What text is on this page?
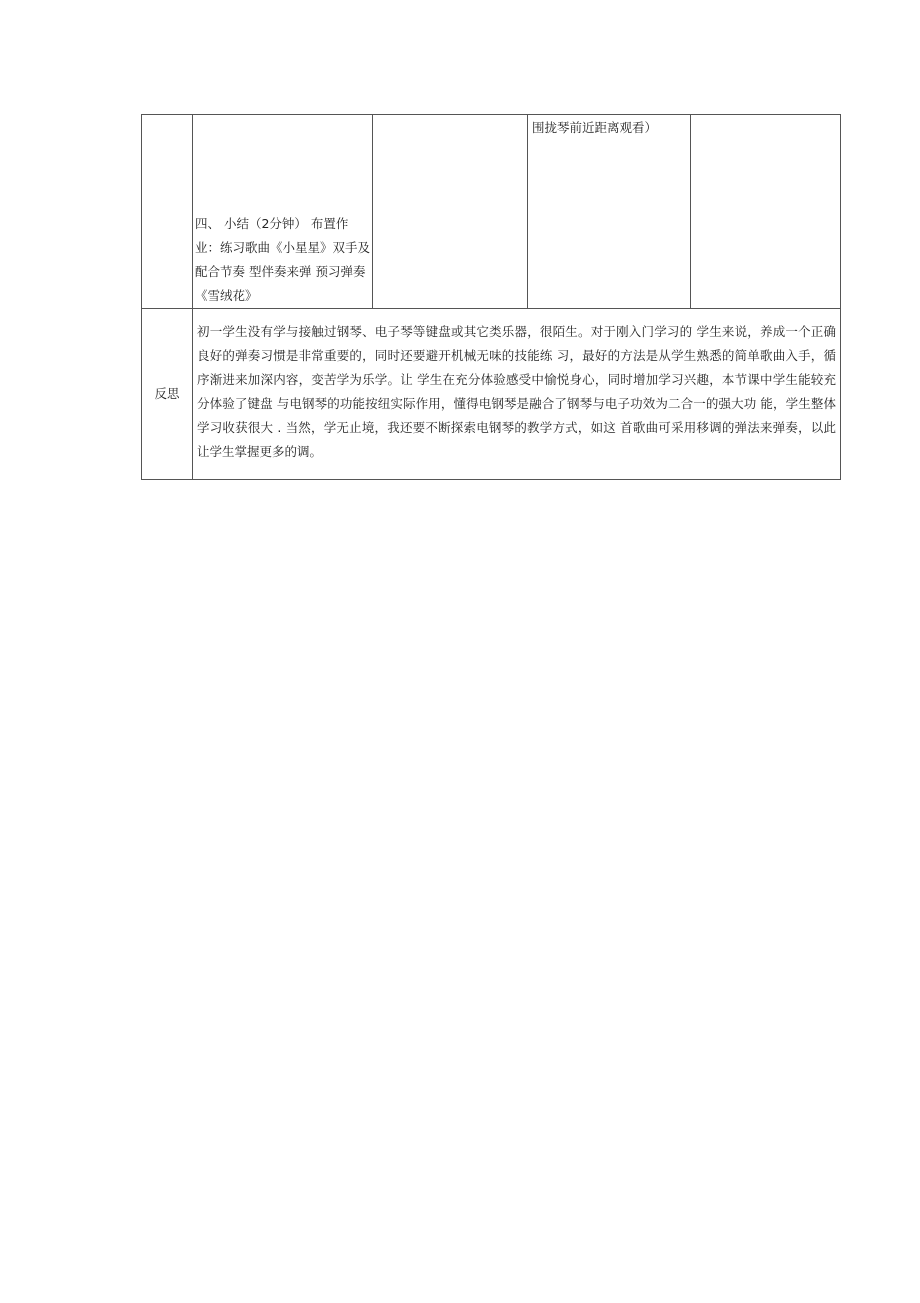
	四、 小结（2分钟） 布置作业：练习歌曲《小星星》双手及配合节奏 型伴奏来弹 预习弹奏《雪绒花》		围拢琴前近距离观看）	

反思	初一学生没有学与接触过钢琴、电子琴等键盘或其它类乐器，很陌生。对于刚入门学习的 学生来说，养成一个正确良好的弹奏习惯是非常重要的，同时还要避开机械无味的技能练 习，最好的方法是从学生熟悉的简单歌曲入手，循序渐进来加深内容，变苦学为乐学。让 学生在充分体验感受中愉悦身心，同时增加学习兴趣，本节课中学生能较充分体验了键盘 与电钢琴的功能按纽实际作用，懂得电钢琴是融合了钢琴与电子功效为二合一的强大功 能，学生整体学习收获很大 . 当然，学无止境，我还要不断探索电钢琴的教学方式，如这 首歌曲可采用移调的弹法来弹奏，以此让学生掌握更多的调。			
